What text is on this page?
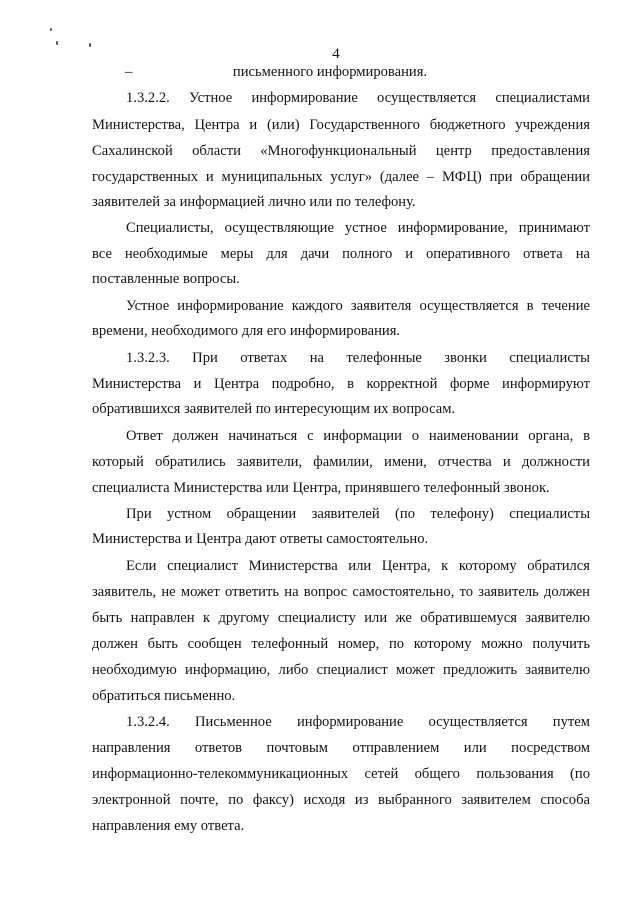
4
–	письменного информирования.
1.3.2.2. Устное информирование осуществляется специалистами
Министерства, Центра и (или) Государственного бюджетного учреждения
Сахалинской области «Многофункциональный центр предоставления
государственных и муниципальных услуг» (далее – МФЦ) при обращении
заявителей за информацией лично или по телефону.
Специалисты, осуществляющие устное информирование, принимают
все необходимые меры для дачи полного и оперативного ответа на
поставленные вопросы.
Устное информирование каждого заявителя осуществляется в течение
времени, необходимого для его информирования.
1.3.2.3. При ответах на телефонные звонки специалисты
Министерства и Центра подробно, в корректной форме информируют
обратившихся заявителей по интересующим их вопросам.
Ответ должен начинаться с информации о наименовании органа, в
который обратились заявители, фамилии, имени, отчества и должности
специалиста Министерства или Центра, принявшего телефонный звонок.
При устном обращении заявителей (по телефону) специалисты
Министерства и Центра дают ответы самостоятельно.
Если специалист Министерства или Центра, к которому обратился
заявитель, не может ответить на вопрос самостоятельно, то заявитель должен
быть направлен к другому специалисту или же обратившемуся заявителю
должен быть сообщен телефонный номер, по которому можно получить
необходимую информацию, либо специалист может предложить заявителю
обратиться письменно.
1.3.2.4. Письменное информирование осуществляется путем
направления ответов почтовым отправлением или посредством
информационно-телекоммуникационных сетей общего пользования (по
электронной почте, по факсу) исходя из выбранного заявителем способа
направления ему ответа.
